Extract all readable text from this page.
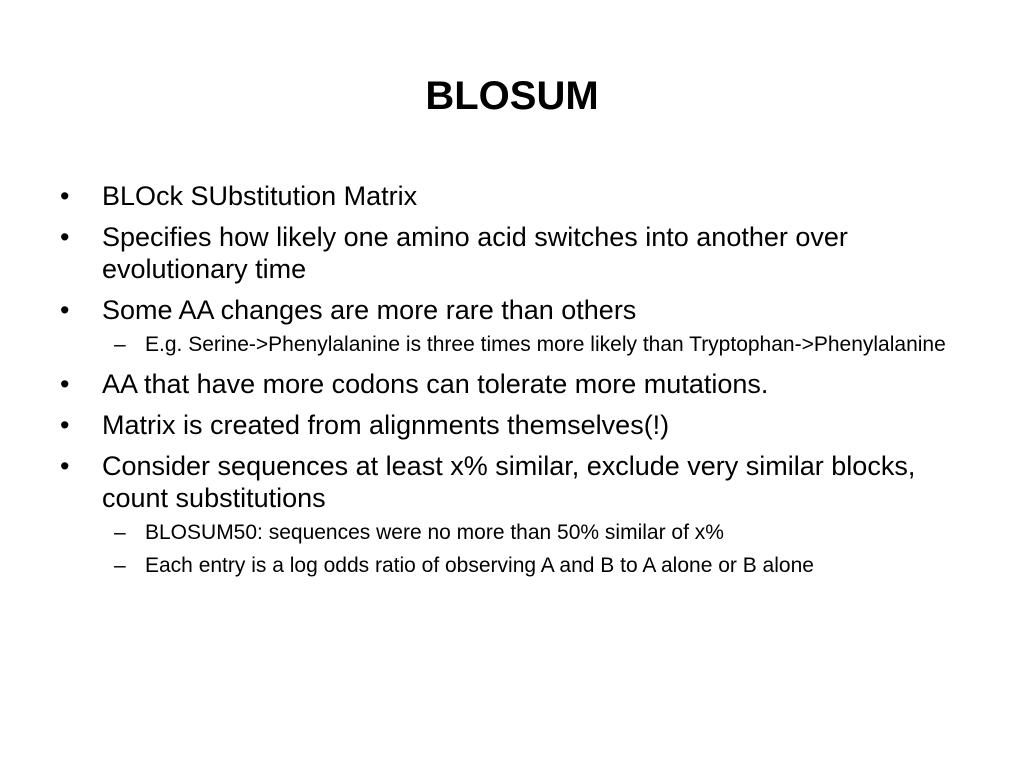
BLOSUM
•	BLOck SUbstitution Matrix
•	Specifies how likely one amino acid switches into another over evolutionary time
•	Some AA changes are more rare than others
– E.g. Serine->Phenylalanine is three times more likely than Tryptophan->Phenylalanine
•	AA that have more codons can tolerate more mutations.
•	Matrix is created from alignments themselves(!)
•	Consider sequences at least x% similar, exclude very similar blocks, count substitutions
– BLOSUM50: sequences were no more than 50% similar of x%
– Each entry is a log odds ratio of observing A and B to A alone or B alone
